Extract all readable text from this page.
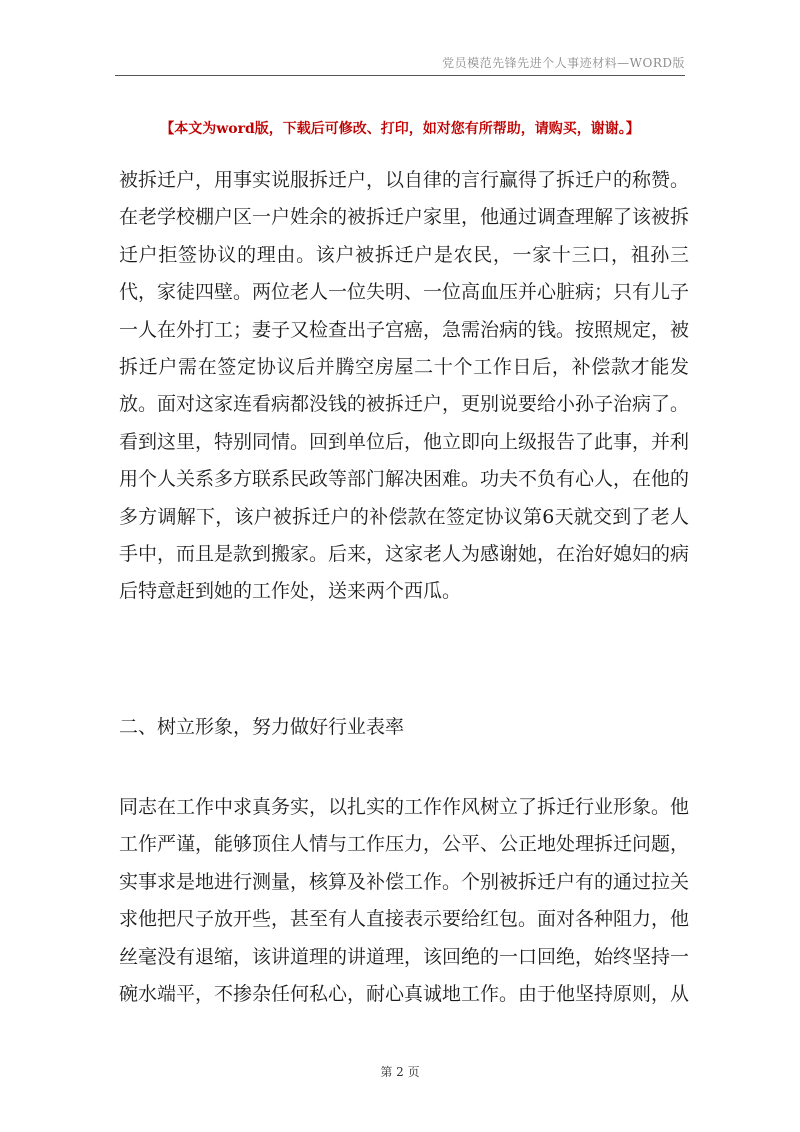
党员模范先锋先进个人事迹材料—WORD版
【本文为word版，下载后可修改、打印，如对您有所帮助，请购买，谢谢。】

被拆迁户，用事实说服拆迁户，以自律的言行赢得了拆迁户的称赞。在老学校棚户区一户姓余的被拆迁户家里，他通过调查理解了该被拆迁户拒签协议的理由。该户被拆迁户是农民，一家十三口，祖孙三代，家徒四壁。两位老人一位失明、一位高血压并心脏病；只有儿子一人在外打工；妻子又检查出子宫癌，急需治病的钱。按照规定，被拆迁户需在签定协议后并腾空房屋二十个工作日后，补偿款才能发放。面对这家连看病都没钱的被拆迁户，更别说要给小孙子治病了。看到这里，特别同情。回到单位后，他立即向上级报告了此事，并利用个人关系多方联系民政等部门解决困难。功夫不负有心人，在他的多方调解下，该户被拆迁户的补偿款在签定协议第6天就交到了老人手中，而且是款到搬家。后来，这家老人为感谢她，在治好媳妇的病后特意赶到她的工作处，送来两个西瓜。

二、树立形象，努力做好行业表率

同志在工作中求真务实，以扎实的工作作风树立了拆迁行业形象。他工作严谨，能够顶住人情与工作压力，公平、公正地处理拆迁问题，实事求是地进行测量，核算及补偿工作。个别被拆迁户有的通过拉关求他把尺子放开些，甚至有人直接表示要给红包。面对各种阻力，他丝毫没有退缩，该讲道理的讲道理，该回绝的一口回绝，始终坚持一碗水端平，不掺杂任何私心，耐心真诚地工作。由于他坚持原则，从

第 2 页
